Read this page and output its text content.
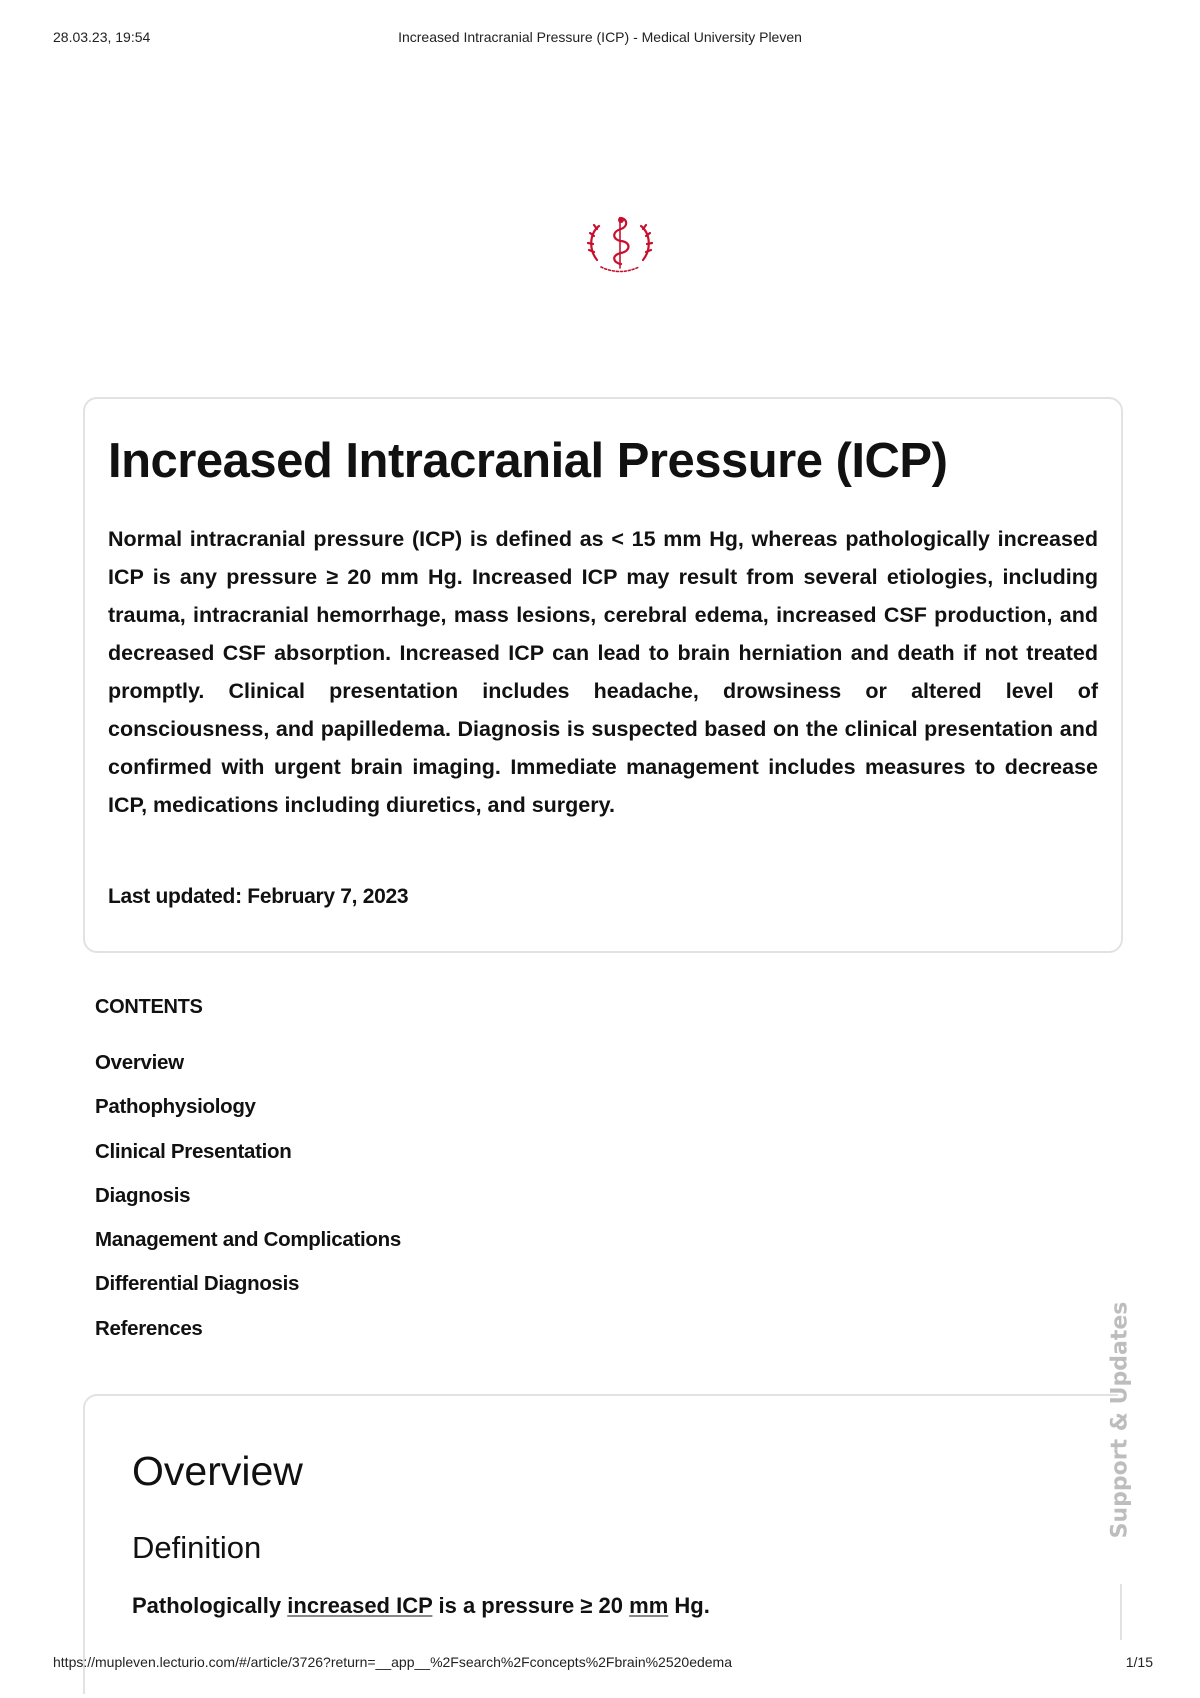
28.03.23, 19:54	Increased Intracranial Pressure (ICP) - Medical University Pleven
Increased Intracranial Pressure (ICP)

Normal intracranial pressure (ICP) is defined as < 15 mm Hg, whereas pathologically increased ICP is any pressure ≥ 20 mm Hg. Increased ICP may result from several etiologies, including trauma, intracranial hemorrhage, mass lesions, cerebral edema, increased CSF production, and decreased CSF absorption. Increased ICP can lead to brain herniation and death if not treated promptly. Clinical presentation includes headache, drowsiness or altered level of consciousness, and papilledema. Diagnosis is suspected based on the clinical presentation and confirmed with urgent brain imaging. Immediate management includes measures to decrease ICP, medications including diuretics, and surgery.

Last updated: February 7, 2023

CONTENTS
Overview
Pathophysiology
Clinical Presentation
Diagnosis
Management and Complications
Differential Diagnosis
References
Overview
Definition

Pathologically increased ICP is a pressure ≥ 20 mm Hg.

Support & Updates
https://mupleven.lecturio.com/#/article/3726?return=__app__%2Fsearch%2Fconcepts%2Fbrain%2520edema	1/15
